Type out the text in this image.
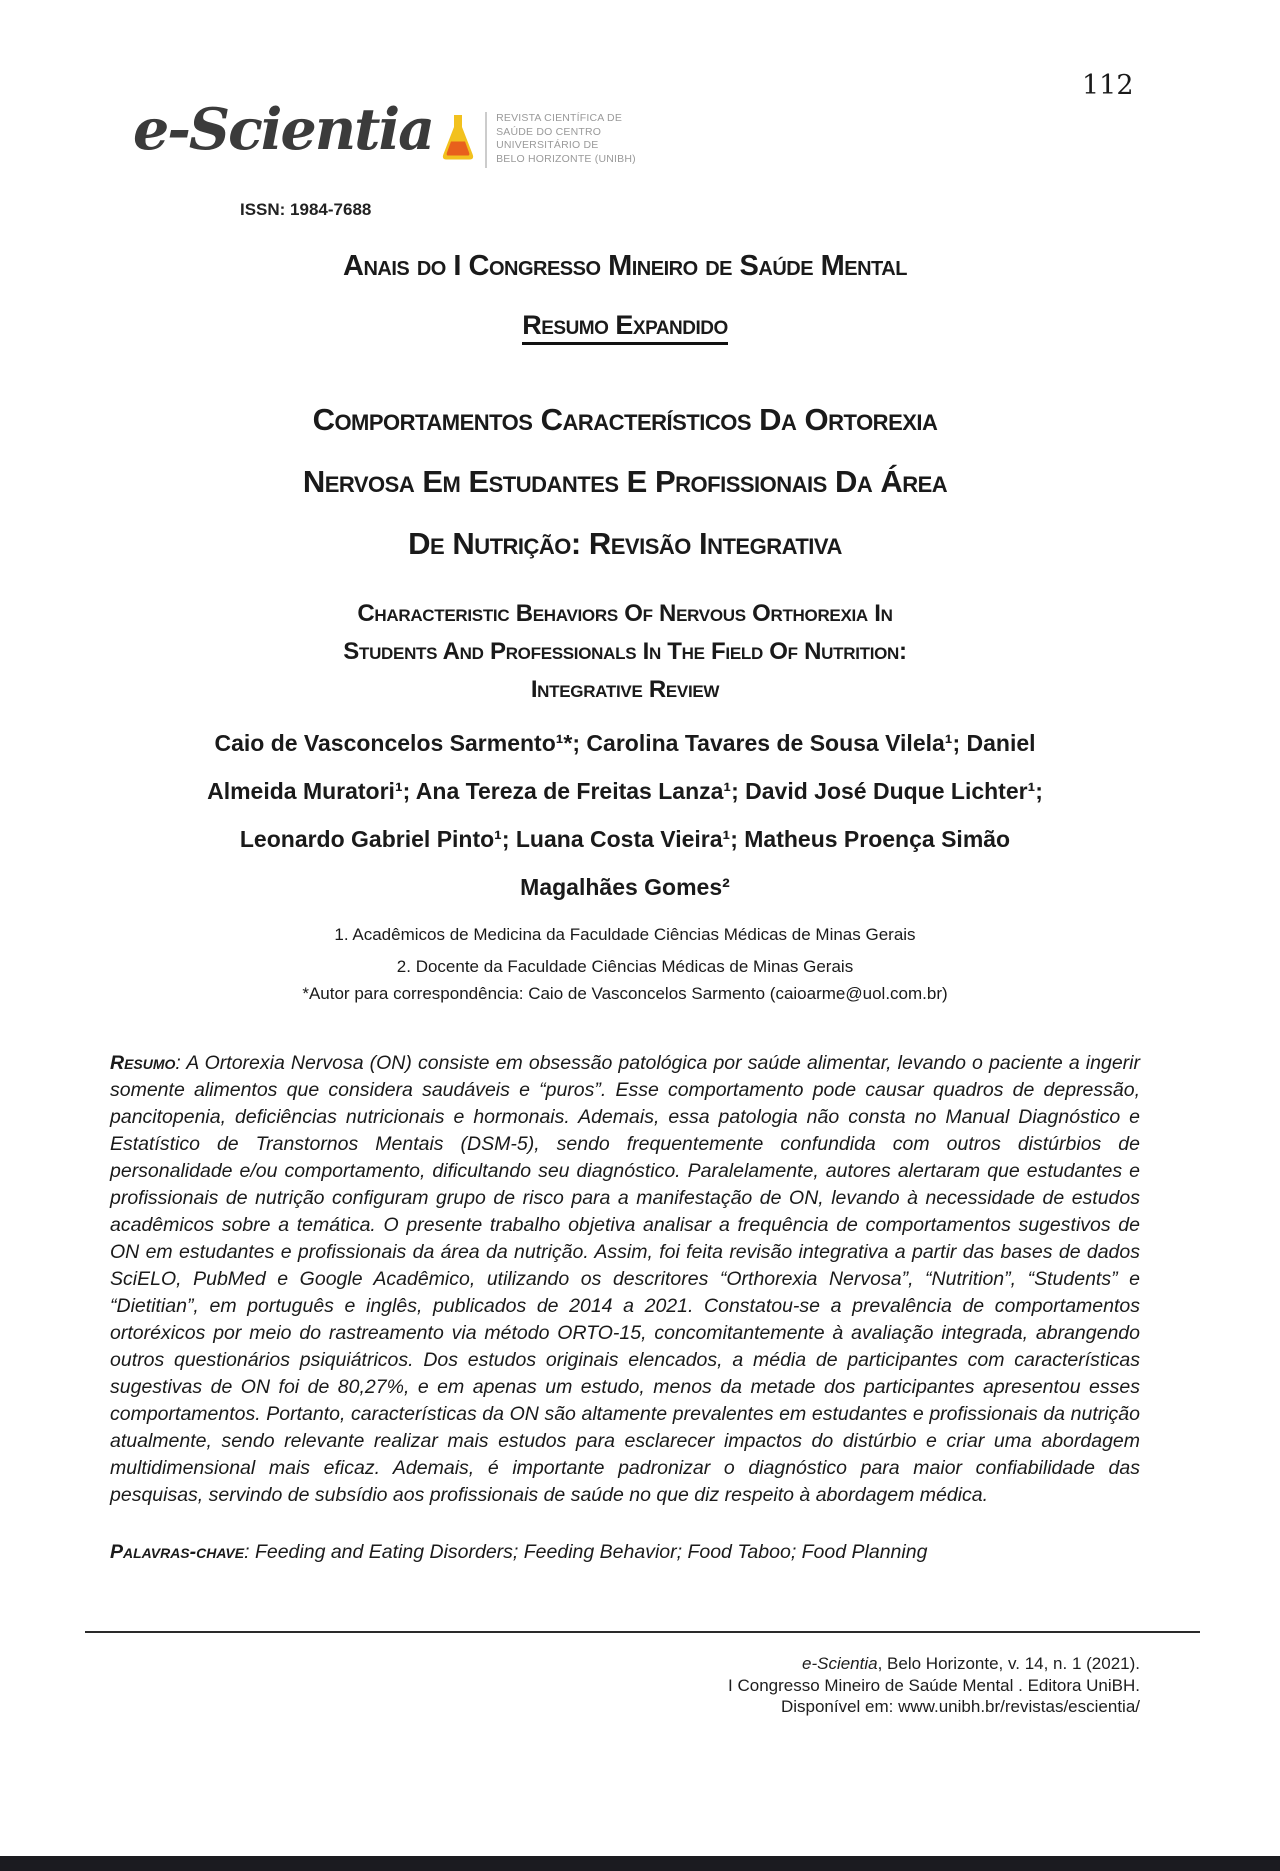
112
e-Scientia	REVISTA CIENTÍFICA DE
SAÚDE DO CENTRO
UNIVERSITÁRIO DE
BELO HORIZONTE (UNIBH)
ISSN: 1984-7688
Anais do I Congresso Mineiro de Saúde Mental
Resumo Expandido
Comportamentos Característicos Da Ortorexia
Nervosa Em Estudantes E Profissionais Da Área
De Nutrição: Revisão Integrativa
Characteristic Behaviors Of Nervous Orthorexia In
Students And Professionals In The Field Of Nutrition:
Integrative Review
Caio de Vasconcelos Sarmento¹*; Carolina Tavares de Sousa Vilela¹; Daniel
Almeida Muratori¹; Ana Tereza de Freitas Lanza¹; David José Duque Lichter¹;
Leonardo Gabriel Pinto¹; Luana Costa Vieira¹; Matheus Proença Simão
Magalhães Gomes²
1. Acadêmicos de Medicina da Faculdade Ciências Médicas de Minas Gerais
2. Docente da Faculdade Ciências Médicas de Minas Gerais
*Autor para correspondência: Caio de Vasconcelos Sarmento (caioarme@uol.com.br)
Resumo: A Ortorexia Nervosa (ON) consiste em obsessão patológica por saúde alimentar, levando o paciente a ingerir somente alimentos que considera saudáveis e “puros”. Esse comportamento pode causar quadros de depressão, pancitopenia, deficiências nutricionais e hormonais. Ademais, essa patologia não consta no Manual Diagnóstico e Estatístico de Transtornos Mentais (DSM-5), sendo frequentemente confundida com outros distúrbios de personalidade e/ou comportamento, dificultando seu diagnóstico. Paralelamente, autores alertaram que estudantes e profissionais de nutrição configuram grupo de risco para a manifestação de ON, levando à necessidade de estudos acadêmicos sobre a temática. O presente trabalho objetiva analisar a frequência de comportamentos sugestivos de ON em estudantes e profissionais da área da nutrição. Assim, foi feita revisão integrativa a partir das bases de dados SciELO, PubMed e Google Acadêmico, utilizando os descritores “Orthorexia Nervosa”, “Nutrition”, “Students” e “Dietitian”, em português e inglês, publicados de 2014 a 2021. Constatou-se a prevalência de comportamentos ortoréxicos por meio do rastreamento via método ORTO-15, concomitantemente à avaliação integrada, abrangendo outros questionários psiquiátricos. Dos estudos originais elencados, a média de participantes com características sugestivas de ON foi de 80,27%, e em apenas um estudo, menos da metade dos participantes apresentou esses comportamentos. Portanto, características da ON são altamente prevalentes em estudantes e profissionais da nutrição atualmente, sendo relevante realizar mais estudos para esclarecer impactos do distúrbio e criar uma abordagem multidimensional mais eficaz. Ademais, é importante padronizar o diagnóstico para maior confiabilidade das pesquisas, servindo de subsídio aos profissionais de saúde no que diz respeito à abordagem médica.
Palavras-chave: Feeding and Eating Disorders; Feeding Behavior; Food Taboo; Food Planning
e-Scientia, Belo Horizonte, v. 14, n. 1 (2021).
I Congresso Mineiro de Saúde Mental . Editora UniBH.
Disponível em: www.unibh.br/revistas/escientia/
